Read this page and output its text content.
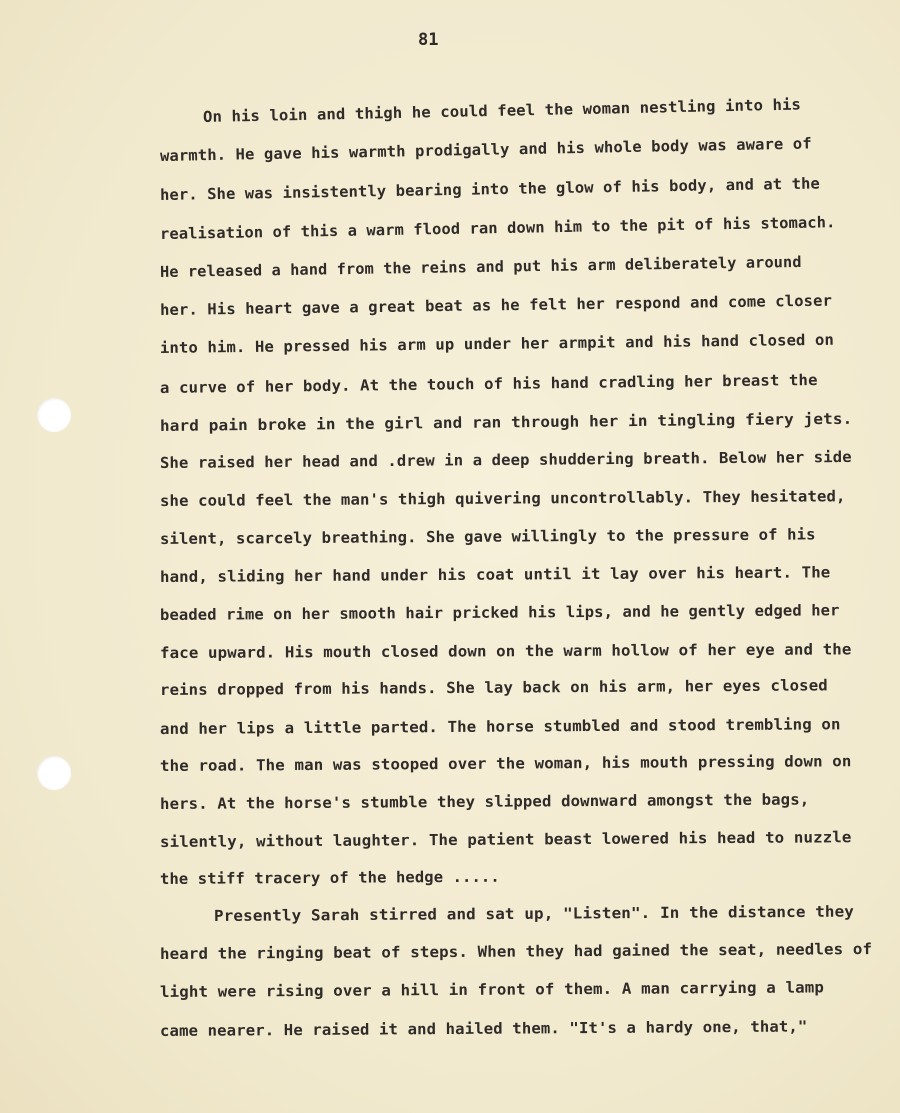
81
On his loin and thigh he could feel the woman nestling into his
warmth. He gave his warmth prodigally and his whole body was aware of
her. She was insistently bearing into the glow of his body, and at the
realisation of this a warm flood ran down him to the pit of his stomach.
He released a hand from the reins and put his arm deliberately around
her. His heart gave a great beat as he felt her respond and come closer
into him. He pressed his arm up under her armpit and his hand closed on
a curve of her body. At the touch of his hand cradling her breast the
hard pain broke in the girl and ran through her in tingling fiery jets.
She raised her head and .drew in a deep shuddering breath. Below her side
she could feel the man's thigh quivering uncontrollably. They hesitated,
silent, scarcely breathing. She gave willingly to the pressure of his
hand, sliding her hand under his coat until it lay over his heart. The
beaded rime on her smooth hair pricked his lips, and he gently edged her
face upward. His mouth closed down on the warm hollow of her eye and the
reins dropped from his hands. She lay back on his arm, her eyes closed
and her lips a little parted. The horse stumbled and stood trembling on
the road. The man was stooped over the woman, his mouth pressing down on
hers. At the horse's stumble they slipped downward amongst the bags,
silently, without laughter. The patient beast lowered his head to nuzzle
the stiff tracery of the hedge .....
Presently Sarah stirred and sat up, "Listen". In the distance they
heard the ringing beat of steps. When they had gained the seat, needles of
light were rising over a hill in front of them. A man carrying a lamp
came nearer. He raised it and hailed them. "It's a hardy one, that,"
